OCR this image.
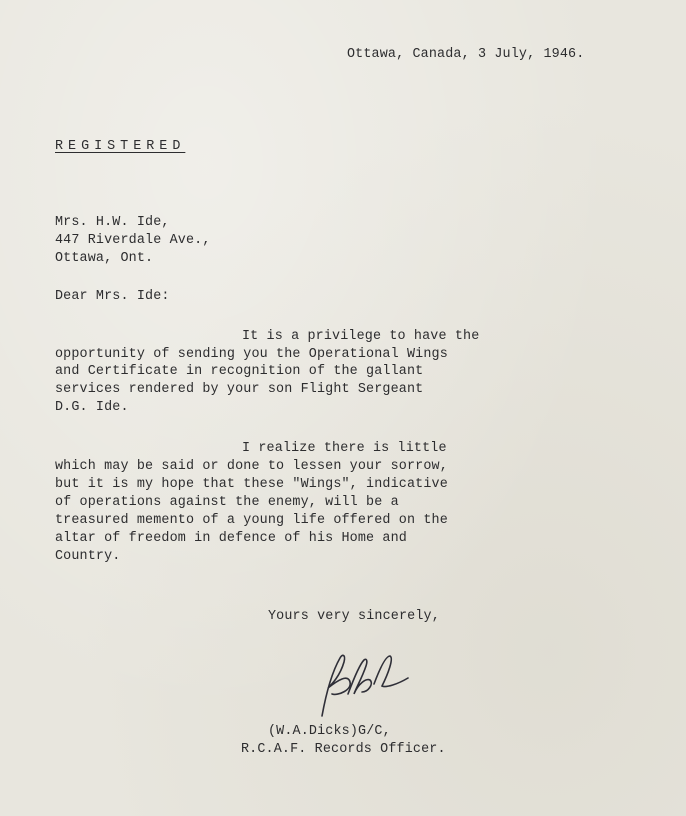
Ottawa, Canada, 3 July, 1946.
REGISTERED
Mrs. H.W. Ide,
447 Riverdale Ave.,
Ottawa, Ont.
Dear Mrs. Ide:
It is a privilege to have the
opportunity of sending you the Operational Wings
and Certificate in recognition of the gallant
services rendered by your son Flight Sergeant
D.G. Ide.
I realize there is little
which may be said or done to lessen your sorrow,
but it is my hope that these "Wings", indicative
of operations against the enemy, will be a
treasured memento of a young life offered on the
altar of freedom in defence of his Home and
Country.
Yours very sincerely,
(W.A.Dicks)G/C,
R.C.A.F. Records Officer.
